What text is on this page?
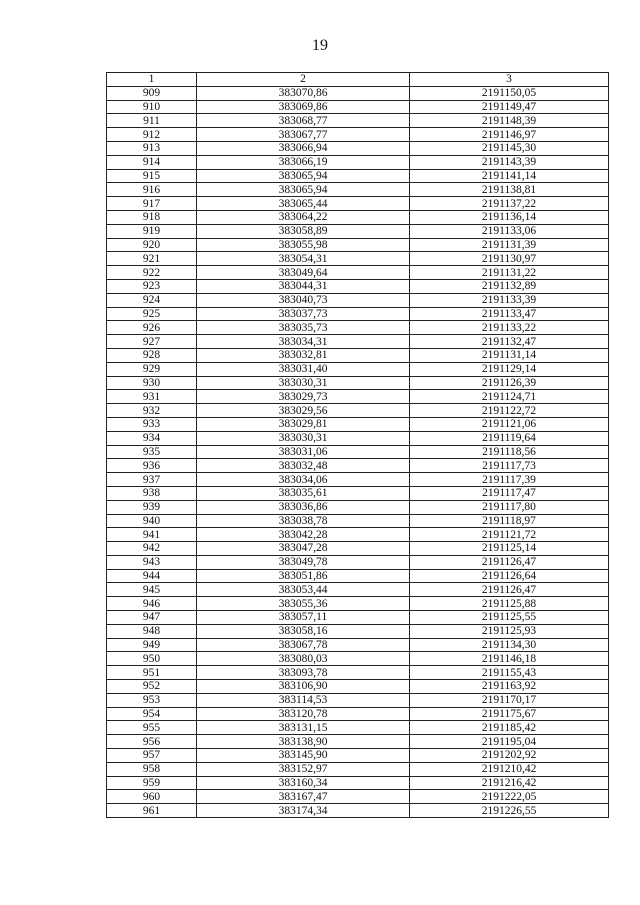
19
1	2	3
909	383070,86	2191150,05
910	383069,86	2191149,47
911	383068,77	2191148,39
912	383067,77	2191146,97
913	383066,94	2191145,30
914	383066,19	2191143,39
915	383065,94	2191141,14
916	383065,94	2191138,81
917	383065,44	2191137,22
918	383064,22	2191136,14
919	383058,89	2191133,06
920	383055,98	2191131,39
921	383054,31	2191130,97
922	383049,64	2191131,22
923	383044,31	2191132,89
924	383040,73	2191133,39
925	383037,73	2191133,47
926	383035,73	2191133,22
927	383034,31	2191132,47
928	383032,81	2191131,14
929	383031,40	2191129,14
930	383030,31	2191126,39
931	383029,73	2191124,71
932	383029,56	2191122,72
933	383029,81	2191121,06
934	383030,31	2191119,64
935	383031,06	2191118,56
936	383032,48	2191117,73
937	383034,06	2191117,39
938	383035,61	2191117,47
939	383036,86	2191117,80
940	383038,78	2191118,97
941	383042,28	2191121,72
942	383047,28	2191125,14
943	383049,78	2191126,47
944	383051,86	2191126,64
945	383053,44	2191126,47
946	383055,36	2191125,88
947	383057,11	2191125,55
948	383058,16	2191125,93
949	383067,78	2191134,30
950	383080,03	2191146,18
951	383093,78	2191155,43
952	383106,90	2191163,92
953	383114,53	2191170,17
954	383120,78	2191175,67
955	383131,15	2191185,42
956	383138,90	2191195,04
957	383145,90	2191202,92
958	383152,97	2191210,42
959	383160,34	2191216,42
960	383167,47	2191222,05
961	383174,34	2191226,55
